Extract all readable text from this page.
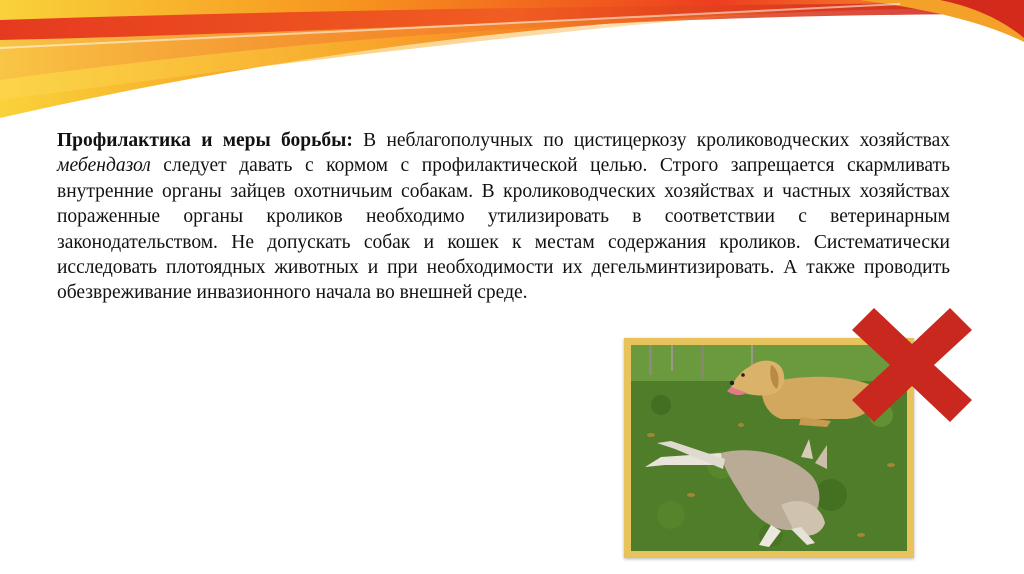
Профилактика и меры борьбы: В неблагополучных по цистицеркозу кролиководческих хозяйствах мебендазол следует давать с кормом с профилактической целью. Строго запрещается скармливать внутренние органы зайцев охотничьим собакам. В кролиководческих хозяйствах и частных хозяйствах пораженные органы кроликов необходимо утилизировать в соответствии с ветеринарным законодательством. Не допускать собак и кошек к местам содержания кроликов. Систематически исследовать плотоядных животных и при необходимости их дегельминтизировать. А также проводить обезвреживание инвазионного начала во внешней среде.
